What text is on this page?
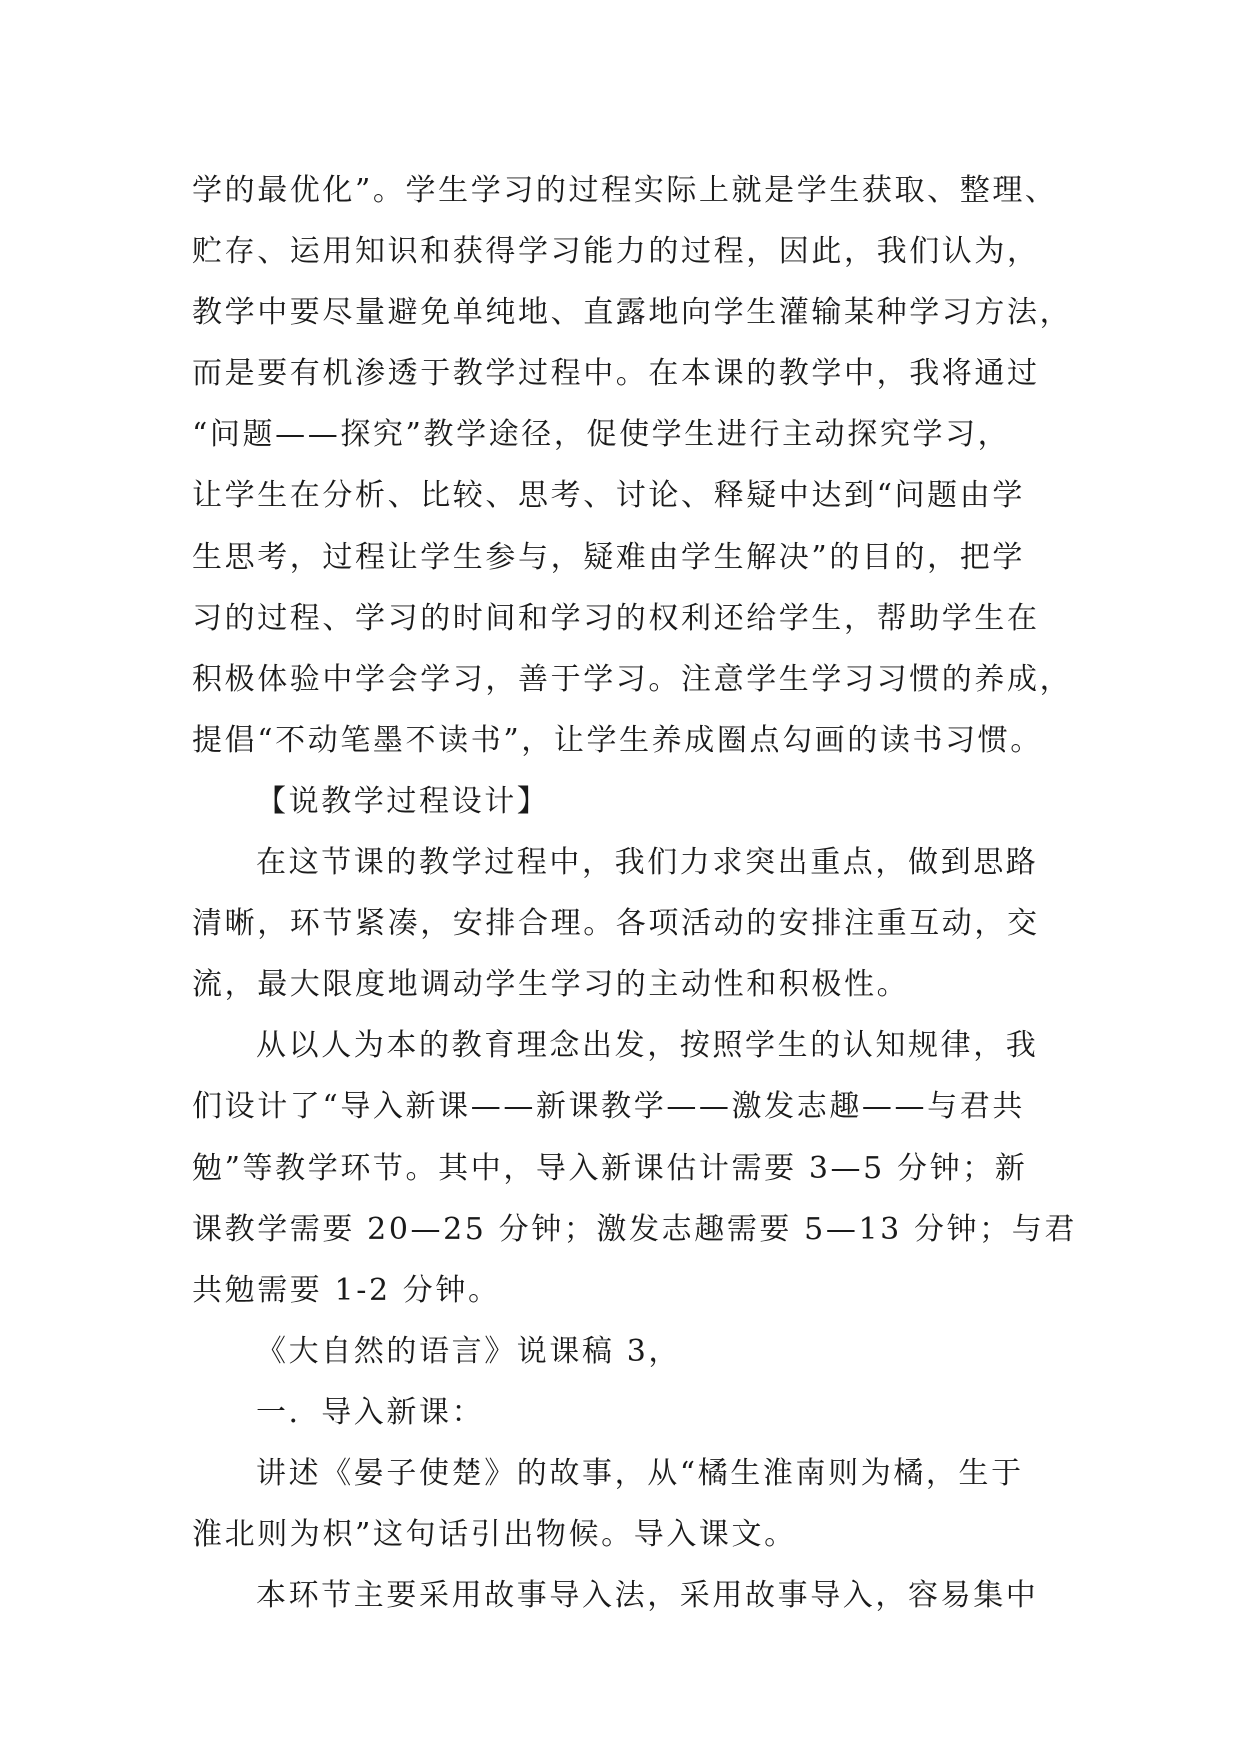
学的最优化”。学生学习的过程实际上就是学生获取、整理、
贮存、运用知识和获得学习能力的过程，因此，我们认为，
教学中要尽量避免单纯地、直露地向学生灌输某种学习方法，
而是要有机渗透于教学过程中。在本课的教学中，我将通过
“问题——探究”教学途径，促使学生进行主动探究学习，
让学生在分析、比较、思考、讨论、释疑中达到“问题由学
生思考，过程让学生参与，疑难由学生解决”的目的，把学
习的过程、学习的时间和学习的权利还给学生，帮助学生在
积极体验中学会学习，善于学习。注意学生学习习惯的养成，
提倡“不动笔墨不读书”，让学生养成圈点勾画的读书习惯。
【说教学过程设计】
在这节课的教学过程中，我们力求突出重点，做到思路
清晰，环节紧凑，安排合理。各项活动的安排注重互动，交
流，最大限度地调动学生学习的主动性和积极性。
从以人为本的教育理念出发，按照学生的认知规律，我
们设计了“导入新课——新课教学——激发志趣——与君共
勉”等教学环节。其中，导入新课估计需要 3—5 分钟；新
课教学需要 20—25 分钟；激发志趣需要 5—13 分钟；与君
共勉需要 1-2 分钟。
《大自然的语言》说课稿 3，
一．导入新课：
讲述《晏子使楚》的故事，从“橘生淮南则为橘，生于
淮北则为枳”这句话引出物候。导入课文。
本环节主要采用故事导入法，采用故事导入，容易集中
